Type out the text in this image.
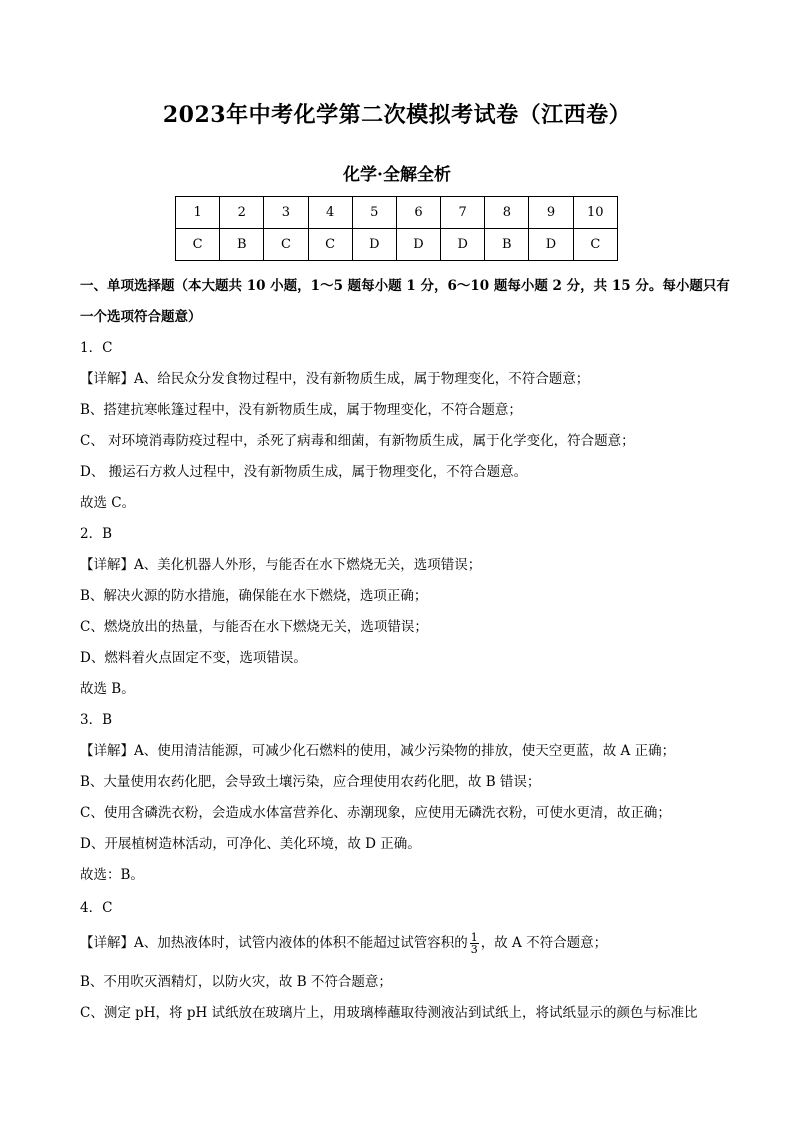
2023年中考化学第二次模拟考试卷（江西卷）
化学·全解全析
1	2	3	4	5	6	7	8	9	10
C	B	C	C	D	D	D	B	D	C
一、单项选择题（本大题共 10 小题，1～5 题每小题 1 分，6～10 题每小题 2 分，共 15 分。每小题只有
一个选项符合题意）
1．C
【详解】A、给民众分发食物过程中，没有新物质生成，属于物理变化，不符合题意；
B、搭建抗寒帐篷过程中，没有新物质生成，属于物理变化，不符合题意；
C、 对环境消毒防疫过程中，杀死了病毒和细菌，有新物质生成，属于化学变化，符合题意；
D、 搬运石方救人过程中，没有新物质生成，属于物理变化，不符合题意。
故选 C。
2．B
【详解】A、美化机器人外形，与能否在水下燃烧无关，选项错误；
B、解决火源的防水措施，确保能在水下燃烧，选项正确；
C、燃烧放出的热量，与能否在水下燃烧无关，选项错误；
D、燃料着火点固定不变，选项错误。
故选 B。
3．B
【详解】A、使用清洁能源，可减少化石燃料的使用，减少污染物的排放，使天空更蓝，故 A 正确；
B、大量使用农药化肥，会导致土壤污染，应合理使用农药化肥，故 B 错误；
C、使用含磷洗衣粉，会造成水体富营养化、赤潮现象，应使用无磷洗衣粉，可使水更清，故正确；
D、开展植树造林活动，可净化、美化环境，故 D 正确。
故选：B。
4．C
【详解】A、加热液体时，试管内液体的体积不能超过试管容积的 $\frac{1}{3}$ ，故 A 不符合题意；
B、不用吹灭酒精灯，以防火灾，故 B 不符合题意；
C、测定 pH，将 pH 试纸放在玻璃片上，用玻璃棒蘸取待测液沾到试纸上，将试纸显示的颜色与标准比
